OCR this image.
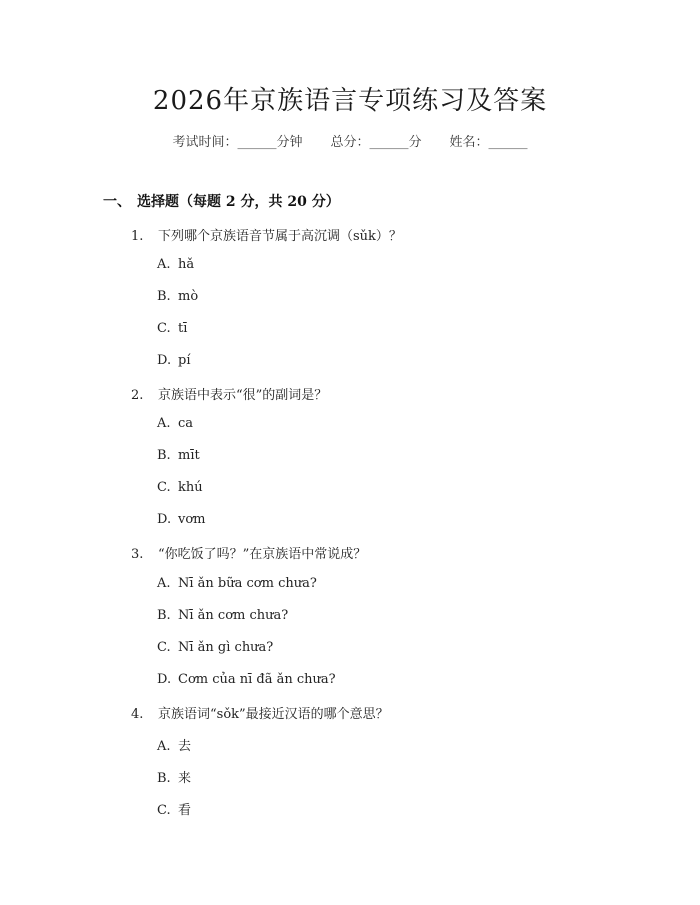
2026年京族语言专项练习及答案
考试时间：______分钟 总分：______分 姓名：______
一、 选择题（每题 2 分，共 20 分）
1. 下列哪个京族语音节属于高沉调（sǔk）？
A. hǎ
B. mò
C. tī
D. pí
2. 京族语中表示“很”的副词是？
A. ca
B. mīt
C. khú
D. vơm
3. “你吃饭了吗？”在京族语中常说成？
A. Nī ǎn bữa cơm chưa?
B. Nī ǎn cơm chưa?
C. Nī ǎn gì chưa?
D. Cơm của nī đã ǎn chưa?
4. 京族语词“sǒk”最接近汉语的哪个意思？
A. 去
B. 来
C. 看
